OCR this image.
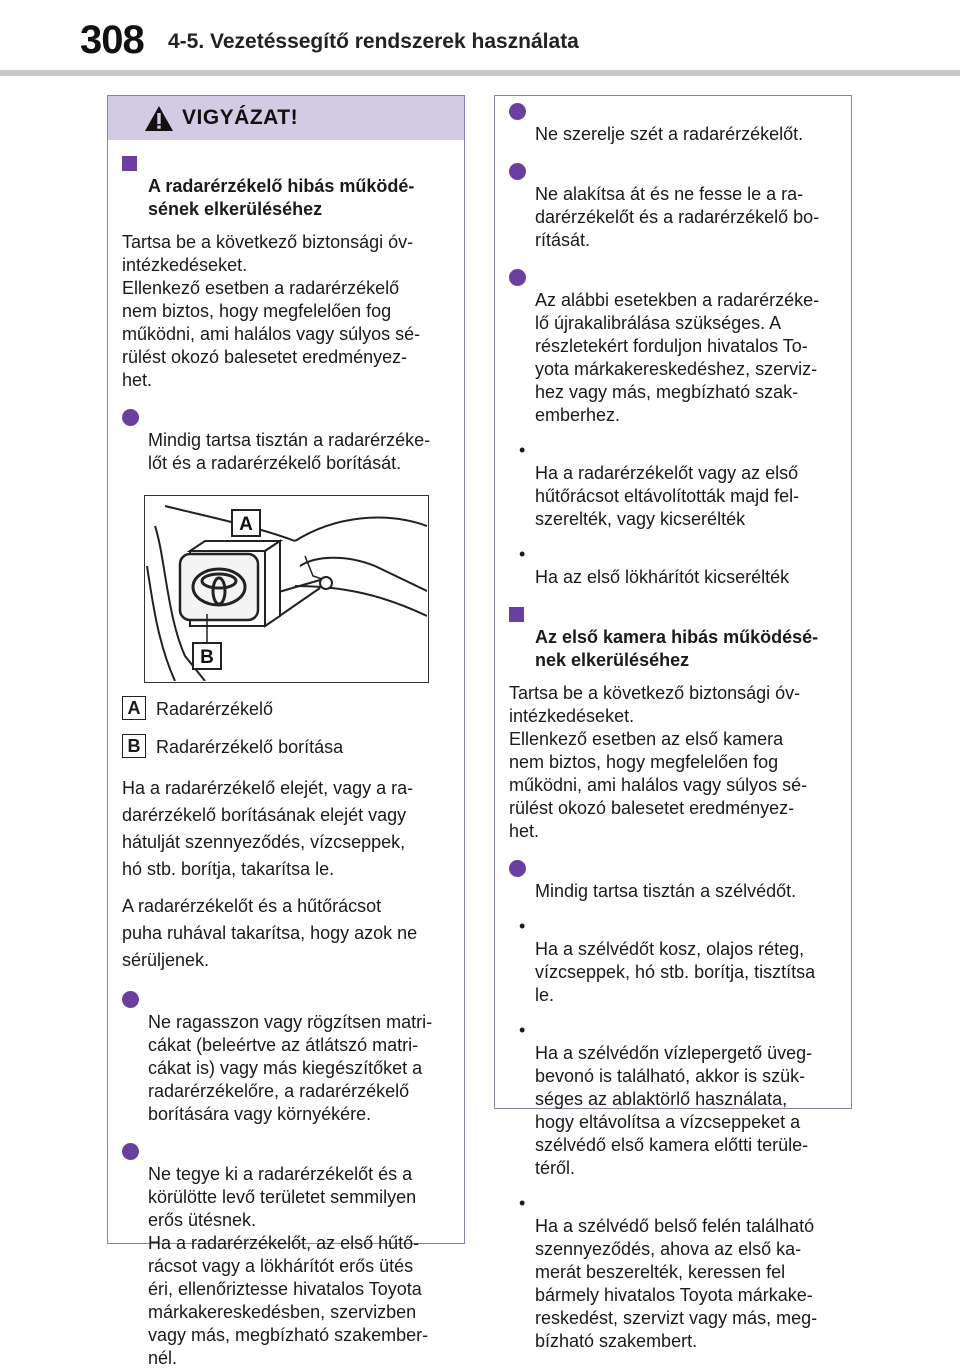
308 4-5. Vezetéssegítő rendszerek használata
VIGYÁZAT!

A radarérzékelő hibás működé-
sének elkerüléséhez

Tartsa be a következő biztonsági óv-
intézkedéseket.
Ellenkező esetben a radarérzékelő
nem biztos, hogy megfelelően fog
működni, ami halálos vagy súlyos sé-
rülést okozó balesetet eredményez-
het.

Mindig tartsa tisztán a radarérzéke-
lőt és a radarérzékelő borítását.

A
B
A Radarérzékelő
B Radarérzékelő borítása

Ha a radarérzékelő elejét, vagy a ra-
darérzékelő borításának elejét vagy
hátulját szennyeződés, vízcseppek,
hó stb. borítja, takarítsa le.

A radarérzékelőt és a hűtőrácsot
puha ruhával takarítsa, hogy azok ne
sérüljenek.

Ne ragasszon vagy rögzítsen matri-
cákat (beleértve az átlátszó matri-
cákat is) vagy más kiegészítőket a
radarérzékelőre, a radarérzékelő
borítására vagy környékére.

Ne tegye ki a radarérzékelőt és a
körülötte levő területet semmilyen
erős ütésnek.
Ha a radarérzékelőt, az első hűtő-
rácsot vagy a lökhárítót erős ütés
éri, ellenőriztesse hivatalos Toyota
márkakereskedésben, szervizben
vagy más, megbízható szakember-
nél.

Ne szerelje szét a radarérzékelőt.

Ne alakítsa át és ne fesse le a ra-
darérzékelőt és a radarérzékelő bo-
rítását.

Az alábbi esetekben a radarérzéke-
lő újrakalibrálása szükséges. A
részletekért forduljon hivatalos To-
yota márkakereskedéshez, szerviz-
hez vagy más, megbízható szak-
emberhez.

•
Ha a radarérzékelőt vagy az első
hűtőrácsot eltávolították majd fel-
szerelték, vagy kicserélték

•
Ha az első lökhárítót kicserélték

Az első kamera hibás működésé-
nek elkerüléséhez

Tartsa be a következő biztonsági óv-
intézkedéseket.
Ellenkező esetben az első kamera
nem biztos, hogy megfelelően fog
működni, ami halálos vagy súlyos sé-
rülést okozó balesetet eredményez-
het.

Mindig tartsa tisztán a szélvédőt.

•
Ha a szélvédőt kosz, olajos réteg,
vízcseppek, hó stb. borítja, tisztítsa
le.

•
Ha a szélvédőn vízlepergető üveg-
bevonó is található, akkor is szük-
séges az ablaktörlő használata,
hogy eltávolítsa a vízcseppeket a
szélvédő első kamera előtti terüle-
téről.

•
Ha a szélvédő belső felén található
szennyeződés, ahova az első ka-
merát beszerelték, keressen fel
bármely hivatalos Toyota márkake-
reskedést, szervizt vagy más, meg-
bízható szakembert.
